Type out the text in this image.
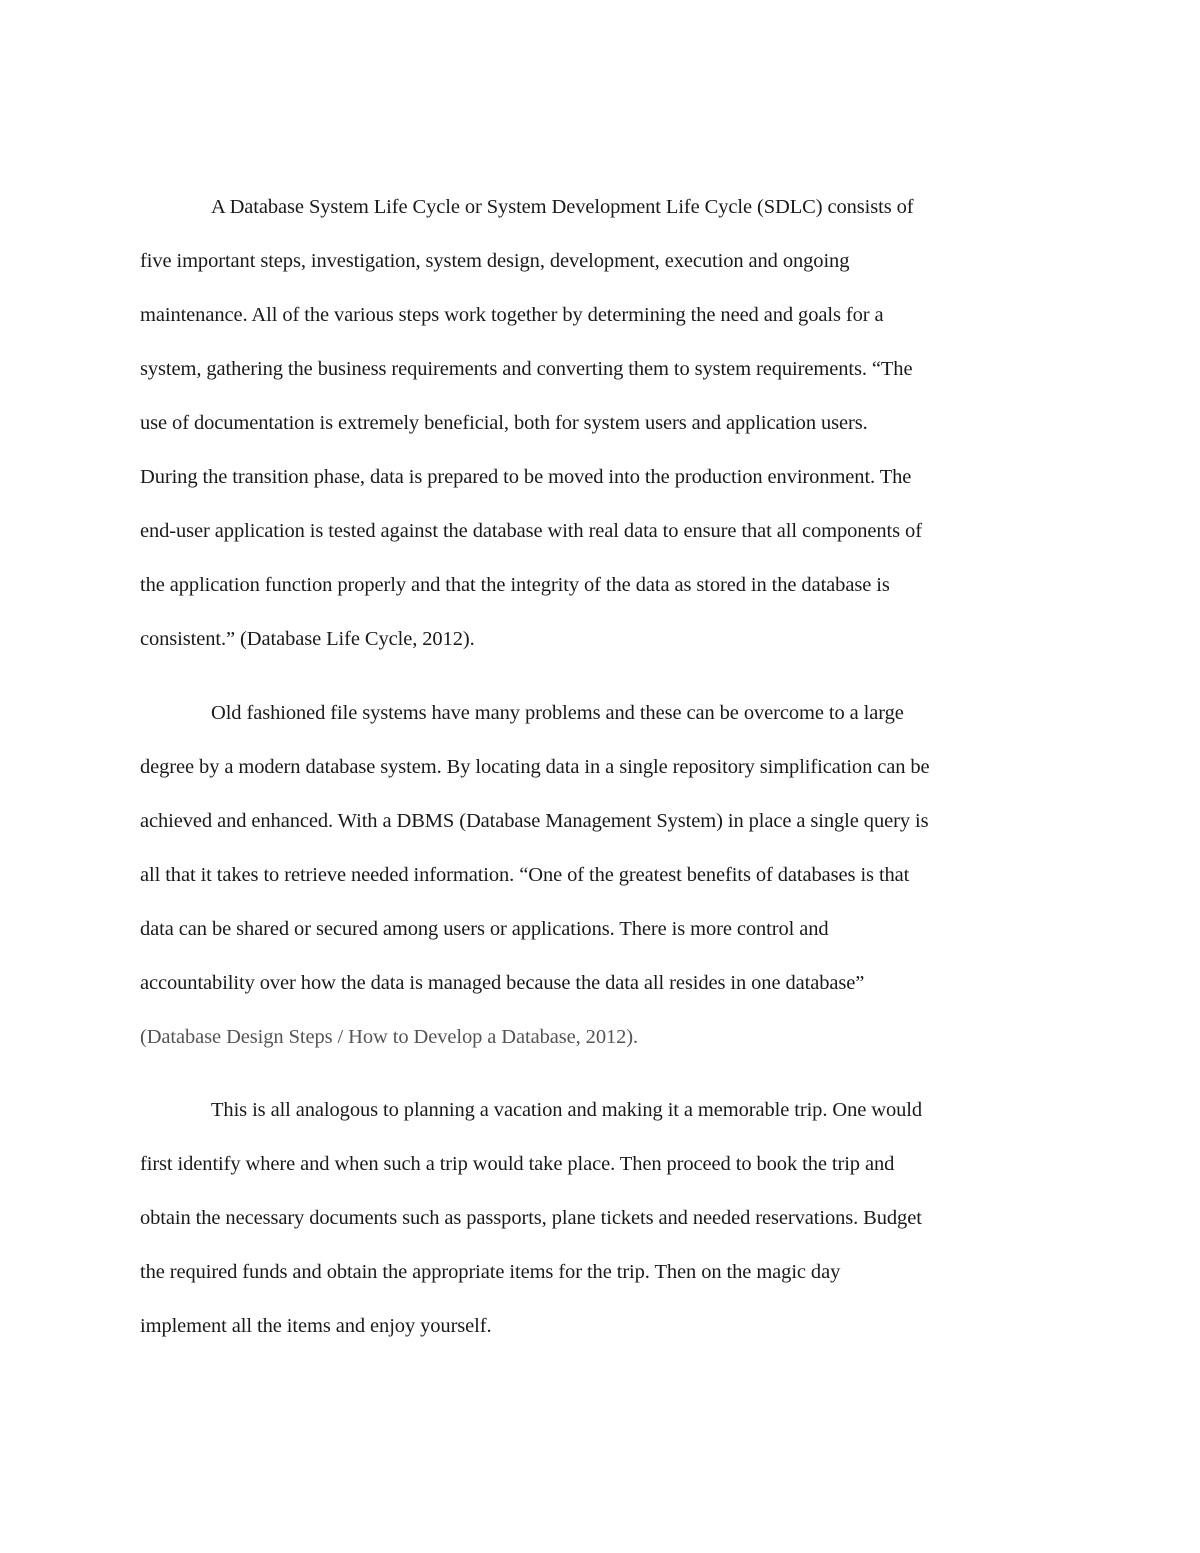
A Database System Life Cycle or System Development Life Cycle (SDLC) consists of
five important steps, investigation, system design, development, execution and ongoing
maintenance. All of the various steps work together by determining the need and goals for a
system, gathering the business requirements and converting them to system requirements. “The
use of documentation is extremely beneficial, both for system users and application users.
During the transition phase, data is prepared to be moved into the production environment. The
end-user application is tested against the database with real data to ensure that all components of
the application function properly and that the integrity of the data as stored in the database is
consistent.” (Database Life Cycle, 2012).

Old fashioned file systems have many problems and these can be overcome to a large
degree by a modern database system. By locating data in a single repository simplification can be
achieved and enhanced. With a DBMS (Database Management System) in place a single query is
all that it takes to retrieve needed information. “One of the greatest benefits of databases is that
data can be shared or secured among users or applications. There is more control and
accountability over how the data is managed because the data all resides in one database”
(Database Design Steps / How to Develop a Database, 2012).

This is all analogous to planning a vacation and making it a memorable trip. One would
first identify where and when such a trip would take place. Then proceed to book the trip and
obtain the necessary documents such as passports, plane tickets and needed reservations. Budget
the required funds and obtain the appropriate items for the trip. Then on the magic day
implement all the items and enjoy yourself.
